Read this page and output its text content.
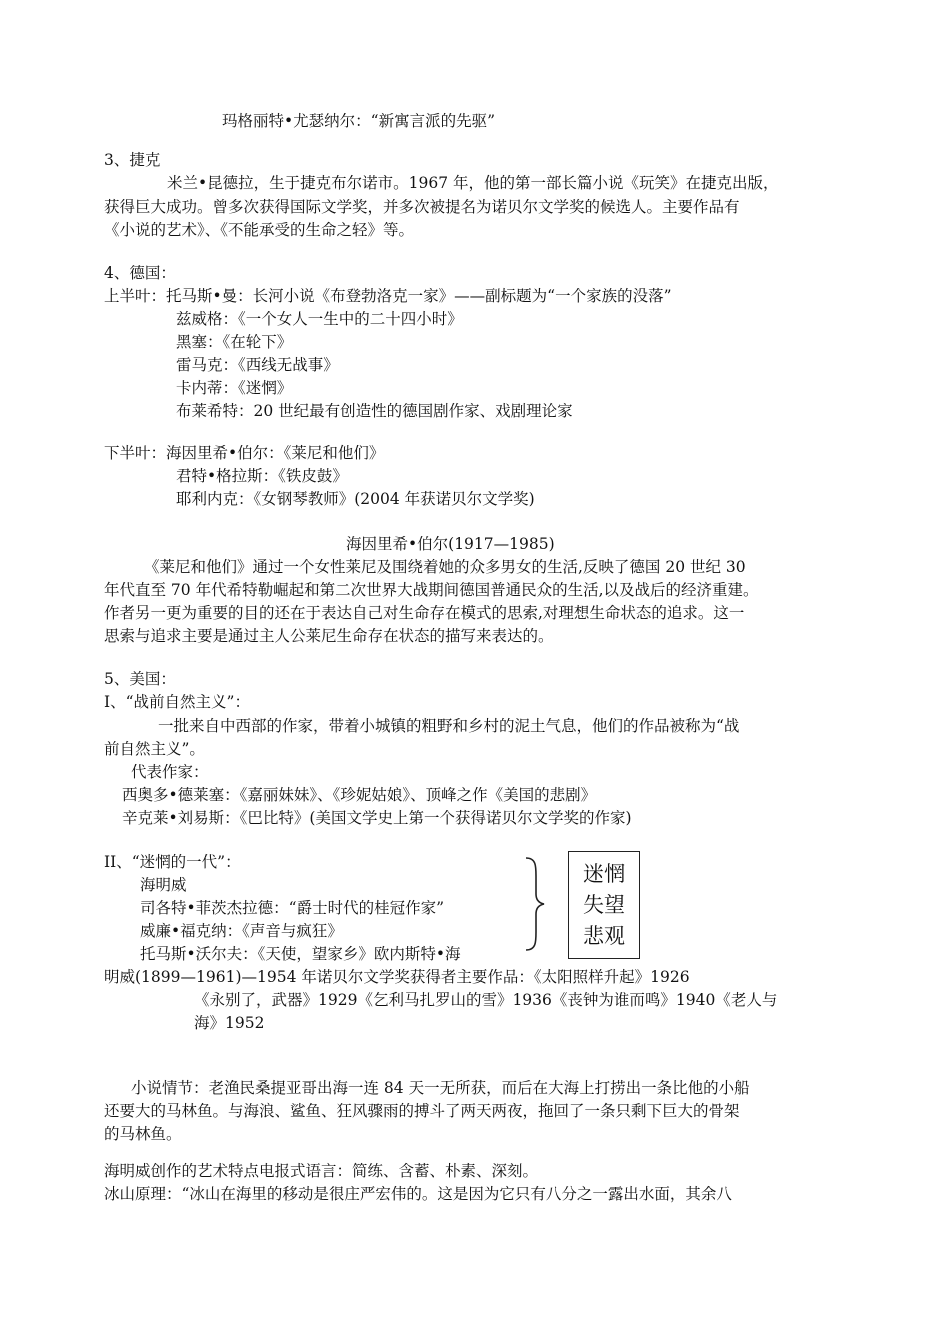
玛格丽特•尤瑟纳尔：“新寓言派的先驱”
3、捷克
米兰•昆德拉，生于捷克布尔诺市。1967 年，他的第一部长篇小说《玩笑》在捷克出版，
获得巨大成功。曾多次获得国际文学奖，并多次被提名为诺贝尔文学奖的候选人。主要作品有
《小说的艺术》、《不能承受的生命之轻》等。
4、德国：
上半叶：托马斯•曼：长河小说《布登勃洛克一家》——副标题为“一个家族的没落”
兹威格：《一个女人一生中的二十四小时》
黑塞：《在轮下》
雷马克：《西线无战事》
卡内蒂：《迷惘》
布莱希特：20 世纪最有创造性的德国剧作家、戏剧理论家
下半叶：海因里希•伯尔：《莱尼和他们》
君特•格拉斯：《铁皮鼓》
耶利内克：《女钢琴教师》(2004 年获诺贝尔文学奖)
海因里希•伯尔(1917—1985)
《莱尼和他们》通过一个女性莱尼及围绕着她的众多男女的生活,反映了德国 20 世纪 30
年代直至 70 年代希特勒崛起和第二次世界大战期间德国普通民众的生活,以及战后的经济重建。
作者另一更为重要的目的还在于表达自己对生命存在模式的思索,对理想生命状态的追求。这一
思索与追求主要是通过主人公莱尼生命存在状态的描写来表达的。
5、美国：
I、“战前自然主义”：
一批来自中西部的作家，带着小城镇的粗野和乡村的泥土气息，他们的作品被称为“战
前自然主义”。
代表作家：
西奥多•德莱塞：《嘉丽妹妹》、《珍妮姑娘》、顶峰之作《美国的悲剧》
辛克莱•刘易斯：《巴比特》(美国文学史上第一个获得诺贝尔文学奖的作家)
II、“迷惘的一代”：
海明威
司各特•菲茨杰拉德：“爵士时代的桂冠作家”
威廉•福克纳：《声音与疯狂》
托马斯•沃尔夫：《天使，望家乡》欧内斯特•海
迷惘
失望
悲观
明威(1899—1961)—1954 年诺贝尔文学奖获得者主要作品：《太阳照样升起》1926
《永别了，武器》1929《乞利马扎罗山的雪》1936《丧钟为谁而鸣》1940《老人与
海》1952
小说情节：老渔民桑提亚哥出海一连 84 天一无所获，而后在大海上打捞出一条比他的小船
还要大的马林鱼。与海浪、鲨鱼、狂风骤雨的搏斗了两天两夜，拖回了一条只剩下巨大的骨架
的马林鱼。
海明威创作的艺术特点电报式语言：简练、含蓄、朴素、深刻。
冰山原理：“冰山在海里的移动是很庄严宏伟的。这是因为它只有八分之一露出水面，其余八
